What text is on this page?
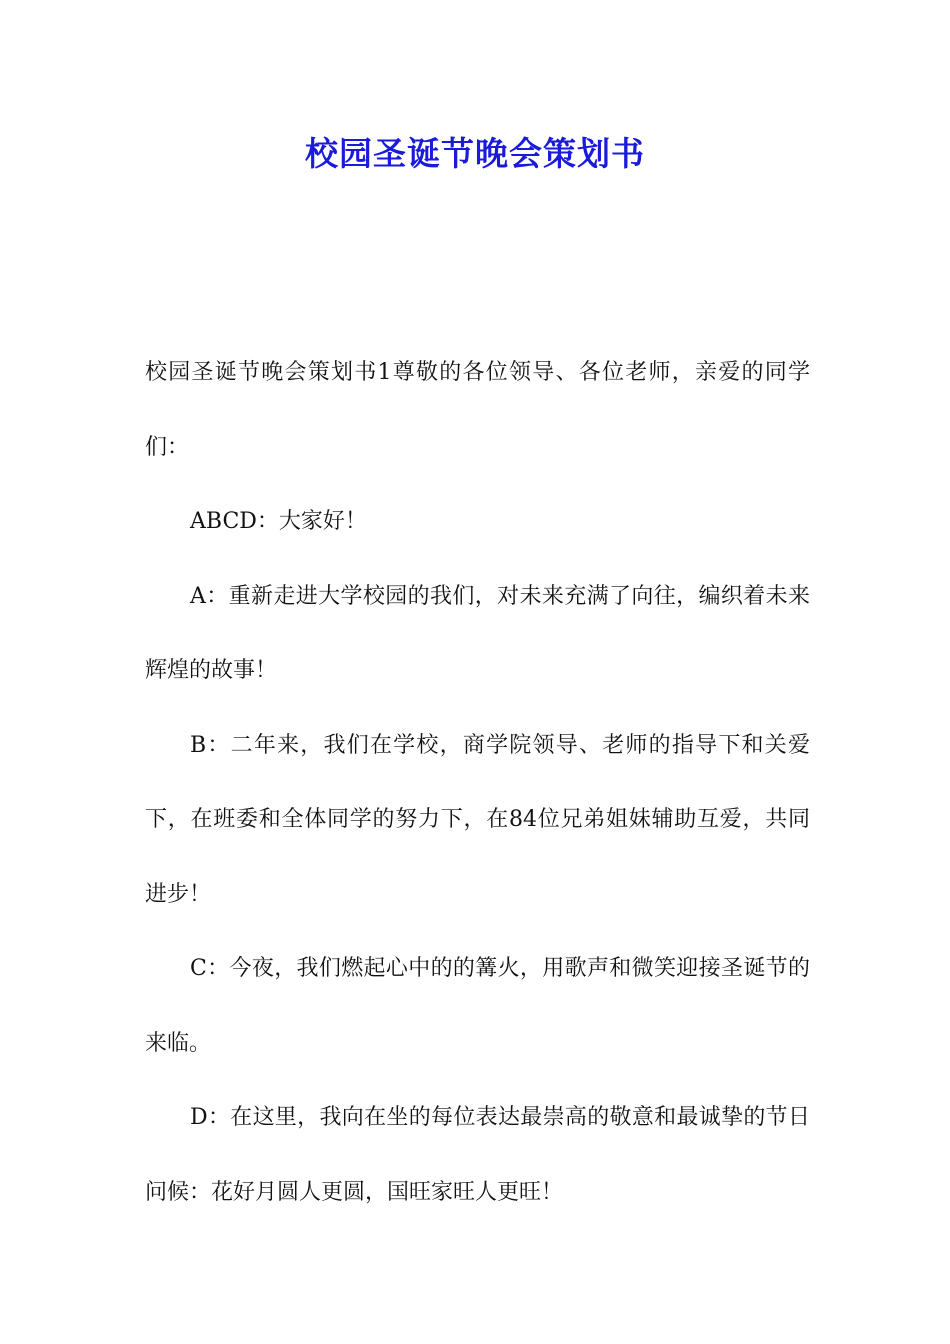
校园圣诞节晚会策划书

校园圣诞节晚会策划书1尊敬的各位领导、各位老师，亲爱的同学们：

ABCD：大家好！

A：重新走进大学校园的我们，对未来充满了向往，编织着未来辉煌的故事！

B：二年来，我们在学校，商学院领导、老师的指导下和关爱下，在班委和全体同学的努力下，在84位兄弟姐妹辅助互爱，共同进步！

C：今夜，我们燃起心中的的篝火，用歌声和微笑迎接圣诞节的来临。

D：在这里，我向在坐的每位表达最崇高的敬意和最诚挚的节日问候：花好月圆人更圆，国旺家旺人更旺！
